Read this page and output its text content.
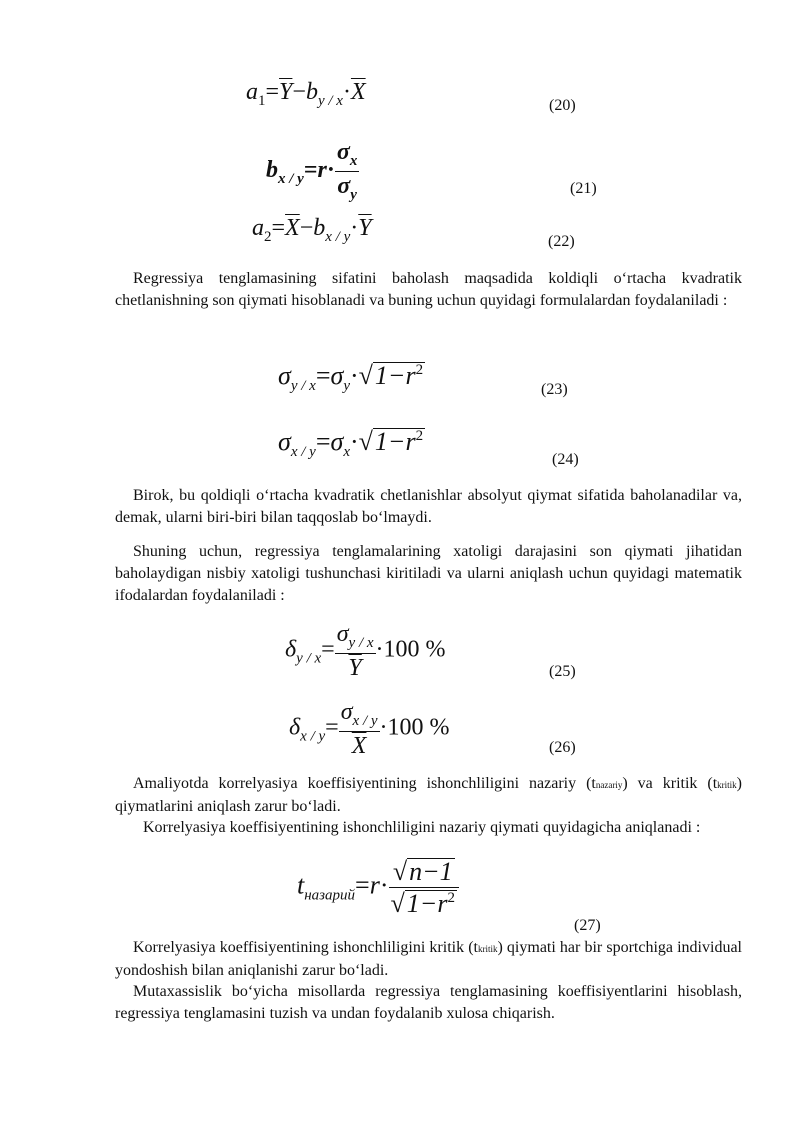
$a_1=\overline{Y}-b_{y / x}\cdot\overline{X}$
(20)
$b_{x / y}=r\cdot \frac{\sigma_x}{\sigma_y}$	(21)
$a_2=\overline{X}-b_{x / y}\cdot\overline{Y}$
(22)
Regressiya tenglamasining sifatini baholash maqsadida koldiqli o‘rtacha kvadratik chetlanishning son qiymati hisoblanadi va buning uchun quyidagi formulalardan foydalaniladi :
$\sigma_{y / x}=\sigma_y\cdot√1-r^2$
(23)
$\sigma_{x / y}=\sigma_x\cdot√1-r^2$
(24)
Birok, bu qoldiqli o‘rtacha kvadratik chetlanishlar absolyut qiymat sifatida baholanadilar va, demak, ularni biri-biri bilan taqqoslab bo‘lmaydi.
Shuning uchun, regressiya tenglamalarining xatoligi darajasini son qiymati jihatidan baholaydigan nisbiy xatoligi tushunchasi kiritiladi va ularni aniqlash uchun quyidagi matematik ifodalardan foydalaniladi :
$\delta_{y / x}= \frac{\sigma_{y / x}}{Y} \cdot 100$ %
(25)
$\delta_{x / y}= \frac{\sigma_{x / y}}{X} \cdot 100$ %
(26)
Amaliyotda korrelyasiya koeffisiyentining ishonchliligini nazariy (tnazariy) va kritik (tkritik) qiymatlarini aniqlash zarur bo‘ladi.
Korrelyasiya koeffisiyentining ishonchliligini nazariy qiymati quyidagicha aniqlanadi :
$t_{назарий}=r\cdot \frac{√n-1}{√1-r^2}$
(27)
Korrelyasiya koeffisiyentining ishonchliligini kritik (tkritik) qiymati har bir sportchiga individual yondoshish bilan aniqlanishi zarur bo‘ladi.
Mutaxassislik bo‘yicha misollarda regressiya tenglamasining koeffisiyentlarini hisoblash, regressiya tenglamasini tuzish va undan foydalanib xulosa chiqarish.
